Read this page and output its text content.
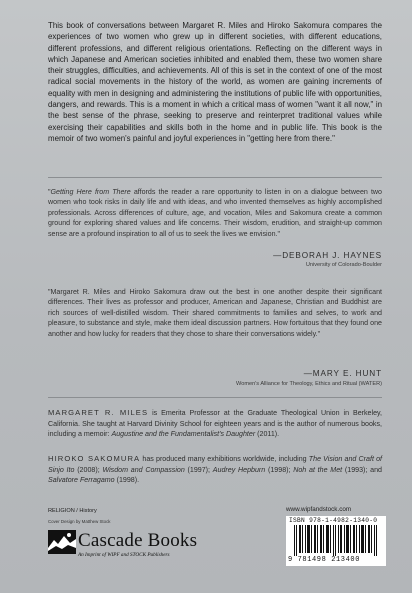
This book of conversations between Margaret R. Miles and Hiroko Sakomura compares the experiences of two women who grew up in different societies, with different educations, different professions, and different religious orientations. Reflecting on the different ways in which Japanese and American societies inhibited and enabled them, these two women share their struggles, difficulties, and achievements. All of this is set in the context of one of the most radical social movements in the history of the world, as women are gaining increments of equality with men in designing and administering the institutions of public life with opportunities, dangers, and rewards. This is a moment in which a critical mass of women "want it all now," in the best sense of the phrase, seeking to preserve and reinterpret traditional values while exercising their capabilities and skills both in the home and in public life. This book is the memoir of two women's painful and joyful experiences in "getting here from there."
"Getting Here from There affords the reader a rare opportunity to listen in on a dialogue between two women who took risks in daily life and with ideas, and who invented themselves as highly accomplished professionals. Across differences of culture, age, and vocation, Miles and Sakomura create a common ground for exploring shared values and life concerns. Their wisdom, erudition, and straight-up common sense are a profound inspiration to all of us to seek the lives we envision."
—DEBORAH J. HAYNES
University of Colorado-Boulder
"Margaret R. Miles and Hiroko Sakomura draw out the best in one another despite their significant differences. Their lives as professor and producer, American and Japanese, Christian and Buddhist are rich sources of well-distilled wisdom. Their shared commitments to families and selves, to work and pleasure, to substance and style, make them ideal discussion partners. How fortuitous that they found one another and how lucky for readers that they chose to share their conversations widely."
—MARY E. HUNT
Women's Alliance for Theology, Ethics and Ritual (WATER)
MARGARET R. MILES is Emerita Professor at the Graduate Theological Union in Berkeley, California. She taught at Harvard Divinity School for eighteen years and is the author of numerous books, including a memoir: Augustine and the Fundamentalist's Daughter (2011).
HIROKO SAKOMURA has produced many exhibitions worldwide, including The Vision and Craft of Sinjo Ito (2008); Wisdom and Compassion (1997); Audrey Hepburn (1998); Noh at the Met (1993); and Salvatore Ferragamo (1998).
RELIGION / History
Cover Design by Matthew Stock
Cascade Books
An Imprint of WIPF and STOCK Publishers
www.wipfandstock.com
ISBN 978-1-4982-1340-0
9 781498 213400
